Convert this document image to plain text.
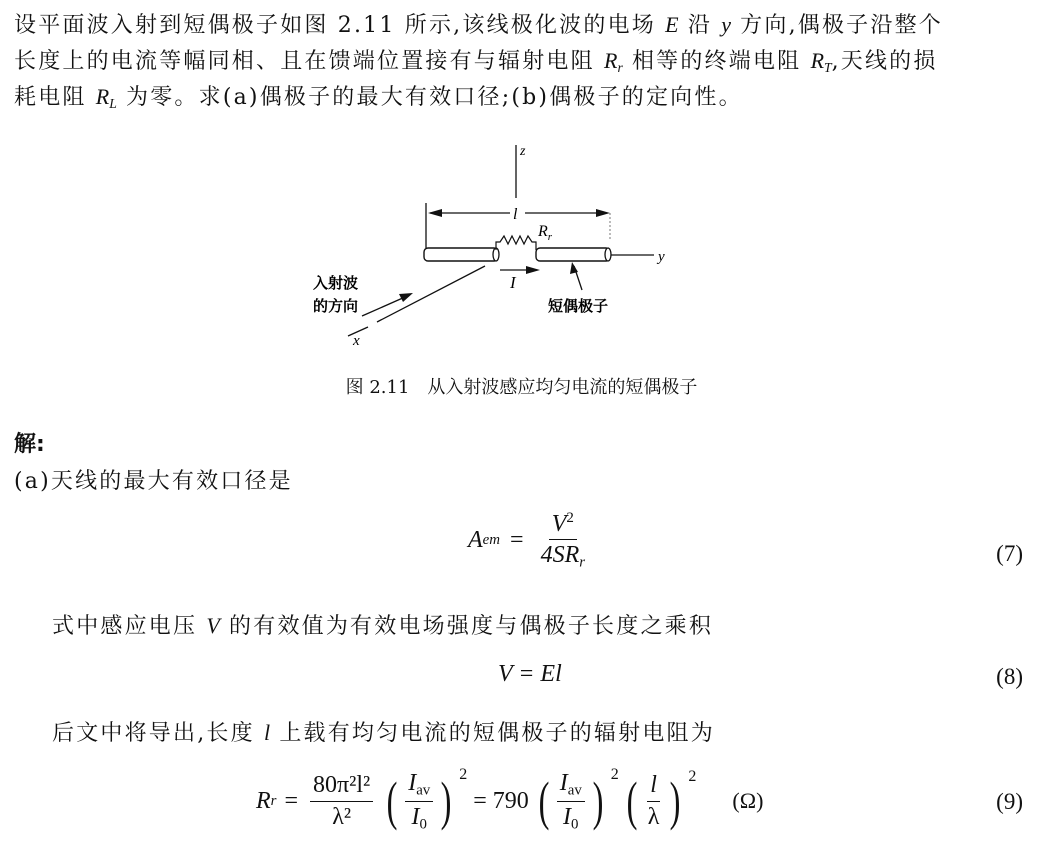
设平面波入射到短偶极子如图 2.11 所示,该线极化波的电场 E 沿 y 方向,偶极子沿整个
长度上的电流等幅同相、且在馈端位置接有与辐射电阻 $R_r$ 相等的终端电阻 $R_T$,天线的损
耗电阻 $R_L$ 为零。求(a)偶极子的最大有效口径;(b)偶极子的定向性。
z
l
$R_r$
y
I
短偶极子
x
入射波
的方向
图 2.11　从入射波感应均匀电流的短偶极子
解:
(a)天线的最大有效口径是
A em = $\frac{V^2}{4SR_r}$	(7)
式中感应电压 V 的有效值为有效电场强度与偶极子长度之乘积
V = El	(8)
后文中将导出,长度 l 上载有均匀电流的短偶极子的辐射电阻为
R $r = \frac{\text{80π²l²}}{\text{λ²}}$ ( $\frac{I_{av}}{I_0}$ ) $^2$
= 790 ( $\frac{I_{av}}{I_0}$ ) $^2$ ( $\frac{l}{\lambda}$ ) $^2$
(Ω)	(9)
